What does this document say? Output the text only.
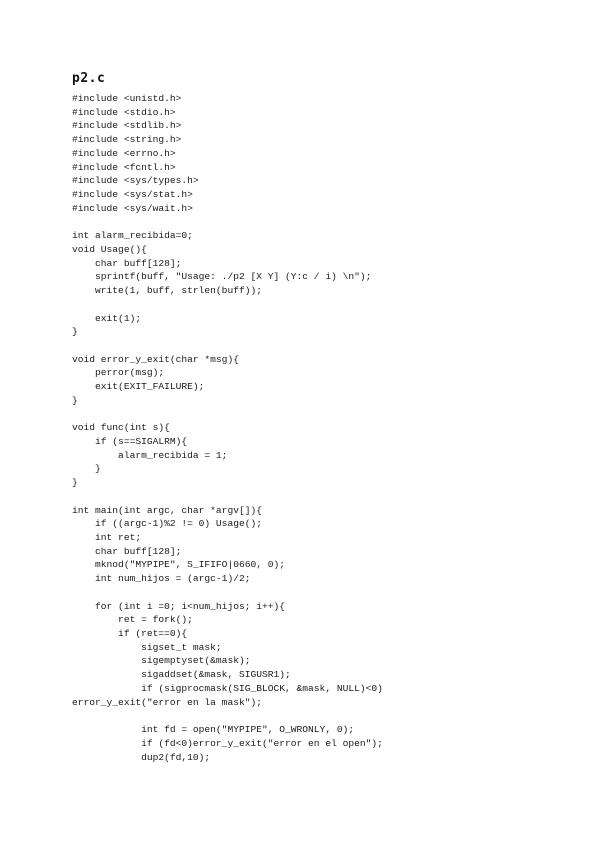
p2.c
#include <unistd.h>
#include <stdio.h>
#include <stdlib.h>
#include <string.h>
#include <errno.h>
#include <fcntl.h>
#include <sys/types.h>
#include <sys/stat.h>
#include <sys/wait.h>
int alarm_recibida=0;
void Usage(){
char buff[128];
sprintf(buff, "Usage: ./p2 [X Y] (Y:c / i) \n");
write(1, buff, strlen(buff));
exit(1);
}
void error_y_exit(char *msg){
perror(msg);
exit(EXIT_FAILURE);
}
void func(int s){
if (s==SIGALRM){
alarm_recibida = 1;
}
}
int main(int argc, char *argv[]){
if ((argc-1)%2 != 0) Usage();
int ret;
char buff[128];
mknod("MYPIPE", S_IFIFO|0660, 0);
int num_hijos = (argc-1)/2;
for (int i =0; i<num_hijos; i++){
ret = fork();
if (ret==0){
sigset_t mask;
sigemptyset(&mask);
sigaddset(&mask, SIGUSR1);
if (sigprocmask(SIG_BLOCK, &mask, NULL)<0)
error_y_exit("error en la mask");
int fd = open("MYPIPE", O_WRONLY, 0);
if (fd<0)error_y_exit("error en el open");
dup2(fd,10);
